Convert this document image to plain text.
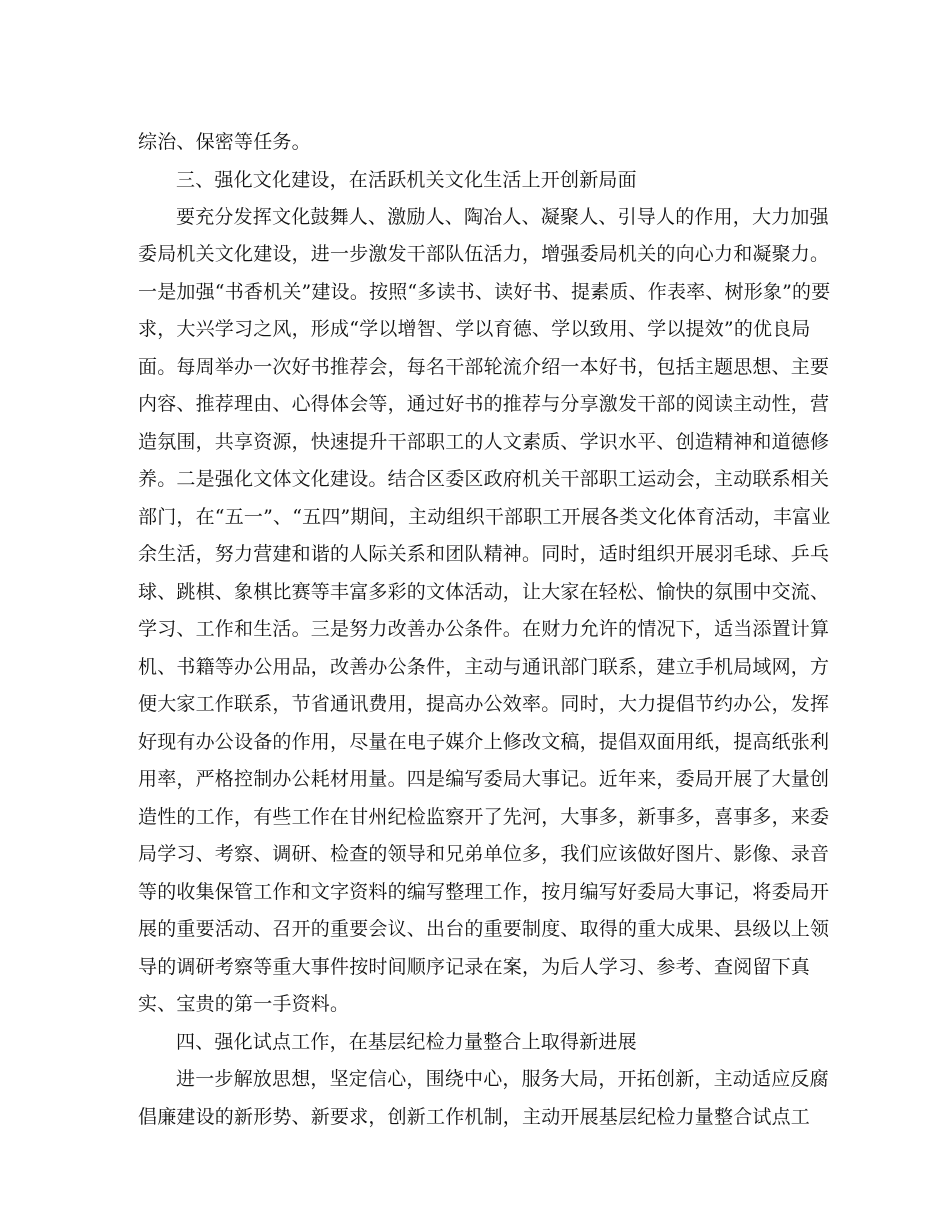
综治、保密等任务。
三、强化文化建设，在活跃机关文化生活上开创新局面
要充分发挥文化鼓舞人、激励人、陶冶人、凝聚人、引导人的作用，大力加强
委局机关文化建设，进一步激发干部队伍活力，增强委局机关的向心力和凝聚力。
一是加强“书香机关”建设。按照“多读书、读好书、提素质、作表率、树形象”的要
求，大兴学习之风，形成“学以增智、学以育德、学以致用、学以提效”的优良局
面。每周举办一次好书推荐会，每名干部轮流介绍一本好书，包括主题思想、主要
内容、推荐理由、心得体会等，通过好书的推荐与分享激发干部的阅读主动性，营
造氛围，共享资源，快速提升干部职工的人文素质、学识水平、创造精神和道德修
养。二是强化文体文化建设。结合区委区政府机关干部职工运动会，主动联系相关
部门，在“五一”、“五四”期间，主动组织干部职工开展各类文化体育活动，丰富业
余生活，努力营建和谐的人际关系和团队精神。同时，适时组织开展羽毛球、乒乓
球、跳棋、象棋比赛等丰富多彩的文体活动，让大家在轻松、愉快的氛围中交流、
学习、工作和生活。三是努力改善办公条件。在财力允许的情况下，适当添置计算
机、书籍等办公用品，改善办公条件，主动与通讯部门联系，建立手机局域网，方
便大家工作联系，节省通讯费用，提高办公效率。同时，大力提倡节约办公，发挥
好现有办公设备的作用，尽量在电子媒介上修改文稿，提倡双面用纸，提高纸张利
用率，严格控制办公耗材用量。四是编写委局大事记。近年来，委局开展了大量创
造性的工作，有些工作在甘州纪检监察开了先河，大事多，新事多，喜事多，来委
局学习、考察、调研、检查的领导和兄弟单位多，我们应该做好图片、影像、录音
等的收集保管工作和文字资料的编写整理工作，按月编写好委局大事记，将委局开
展的重要活动、召开的重要会议、出台的重要制度、取得的重大成果、县级以上领
导的调研考察等重大事件按时间顺序记录在案，为后人学习、参考、查阅留下真
实、宝贵的第一手资料。
四、强化试点工作，在基层纪检力量整合上取得新进展
进一步解放思想，坚定信心，围绕中心，服务大局，开拓创新，主动适应反腐
倡廉建设的新形势、新要求，创新工作机制，主动开展基层纪检力量整合试点工
